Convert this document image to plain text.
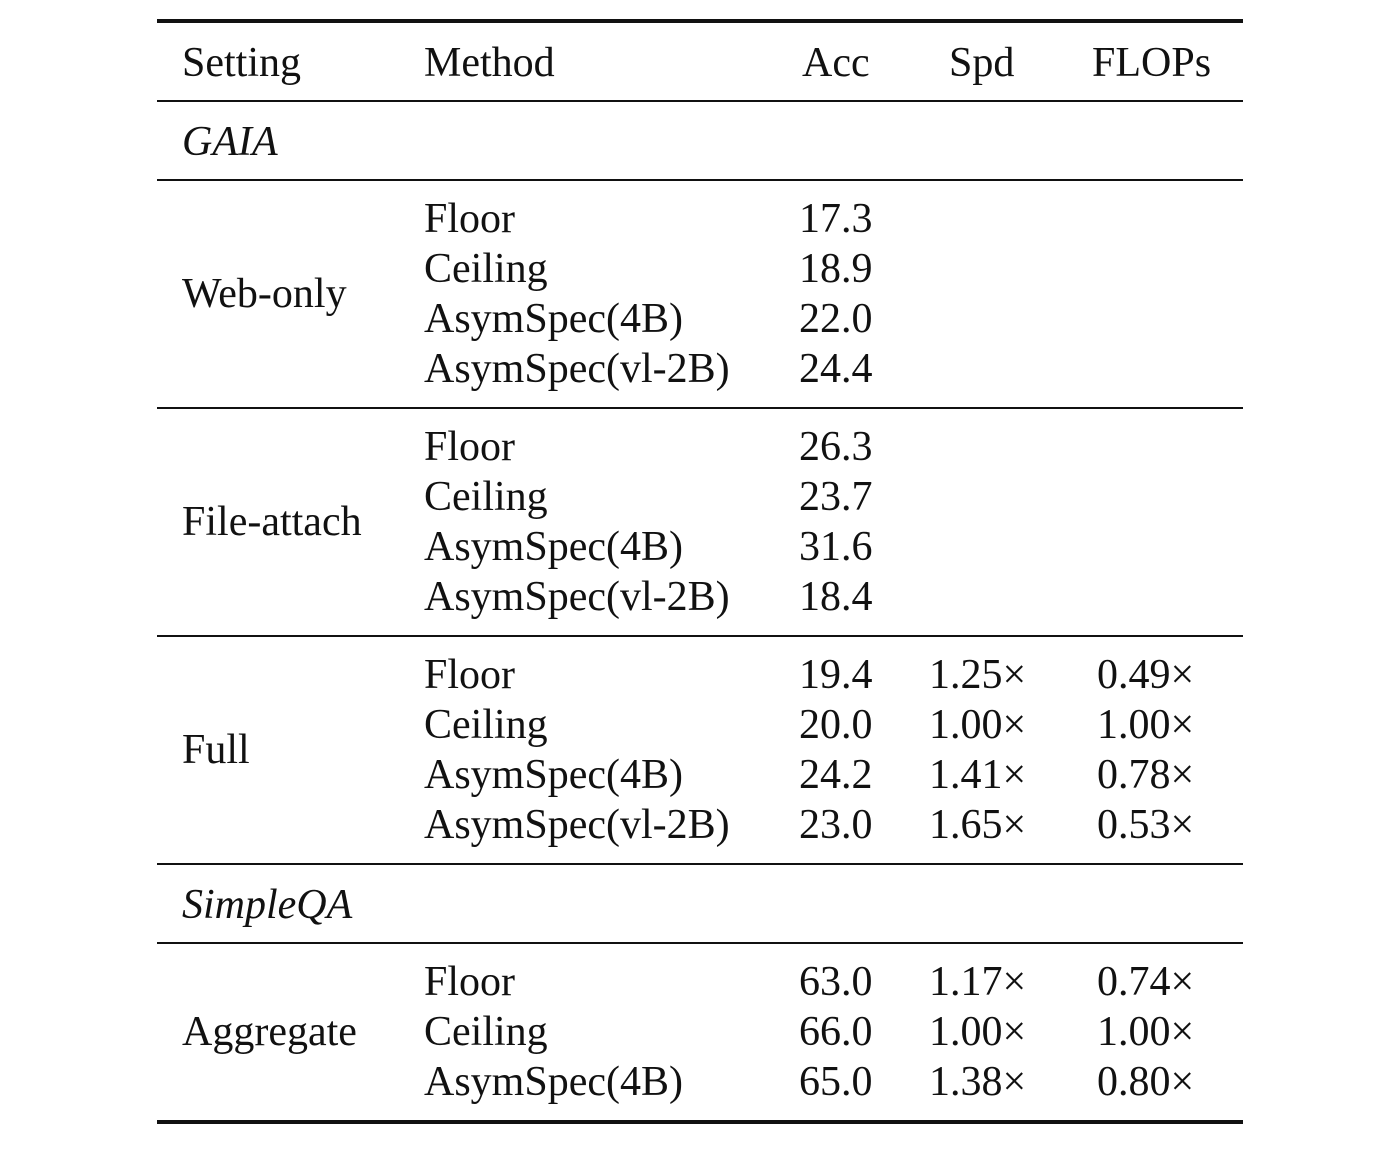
Setting	Method	Acc Spd FLOPs
GAIA
Web-only
Floor	17.3
Ceiling	18.9
AsymSpec(4B)	22.0
AsymSpec(vl-2B) 24.4
File-attach
Floor	26.3
Ceiling	23.7
AsymSpec(4B)	31.6
AsymSpec(vl-2B) 18.4
Full
Floor	19.4 1.25× 0.49×
Ceiling	20.0 1.00× 1.00×
AsymSpec(4B)	24.2 1.41× 0.78×
AsymSpec(vl-2B) 23.0 1.65× 0.53×
SimpleQA
Aggregate
Floor	63.0 1.17× 0.74×
Ceiling	66.0 1.00× 1.00×
AsymSpec(4B)	65.0 1.38× 0.80×
